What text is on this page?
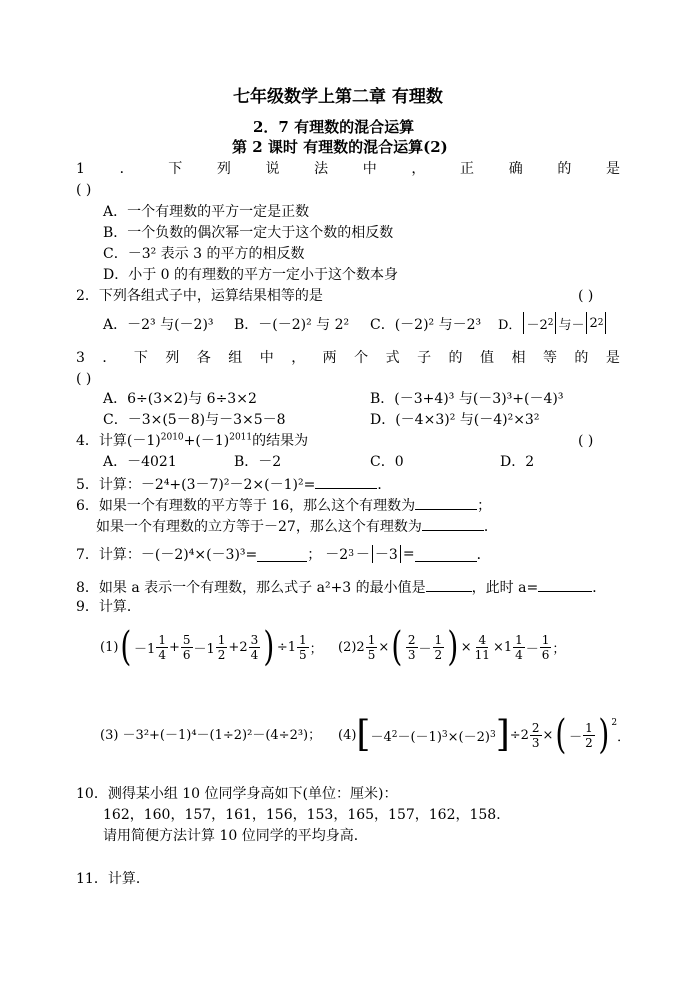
七年级数学上第二章 有理数
2．7 有理数的混合运算
第 2 课时 有理数的混合运算(2)
1 ． 下 列 说 法 中 ， 正 确 的 是
( )
A．一个有理数的平方一定是正数
B．一个负数的偶次幂一定大于这个数的相反数
C．－3² 表示 3 的平方的相反数
D．小于 0 的有理数的平方一定小于这个数本身
2．下列各组式子中，运算结果相等的是	( )
A．－2³ 与(－2)³ B．－(－2)² 与 2² C．(－2)² 与－2³ D． －2 2 与－ 2 2
3 ． 下 列 各 组 中 ， 两 个 式 子 的 值 相 等 的 是
( )
A．6÷(3×2)与 6÷3×2	B．(－3+4)³ 与(－3)³+(－4)³
C．－3×(5－8)与－3×5－8	D．(－4×3)² 与(－4)²×3²
4．计算$(-1)^{2010}+(-1)^{2011}$的结果为	( )
A．－4021	B．－2	C．0	D．2
5．计算：－2⁴+(3－7)²－2×(－1)²=	．
6．如果一个有理数的平方等于 16，那么这个有理数为	；
如果一个有理数的立方等于－27，那么这个有理数为	．
7．计算：－(－2)⁴×(－3)³=	； －2 3 － －3 =	．
8．如果 a 表示一个有理数，那么式子 a²+3 的最小值是	，此时 a=	．
9．计算．
(1) ( $-1 \frac{1}{4} + \frac{5}{6} -1 \frac{1}{2} +2 \frac{3}{4}$ ) $\div 1 \frac{1}{5}$ ； (2) $2 \frac{1}{5}$ × ( $\frac{2}{3} - \frac{1}{2}$ ) × $\frac{4}{11} \times 1 \frac{1}{4} - \frac{1}{6}$ ；
(3) －3²+(－1)⁴－(1÷2)²－(4÷2³)； (4) [ －4 2 －(－1) 3 ×(－2) 3 ] $\div 2 \frac{2}{3}$ × ( － $\frac{1}{2}$ ) $^2$
．
10．测得某小组 10 位同学身高如下(单位：厘米)：
162，160，157，161，156，153，165，157，162，158．
请用简便方法计算 10 位同学的平均身高．
11．计算．
